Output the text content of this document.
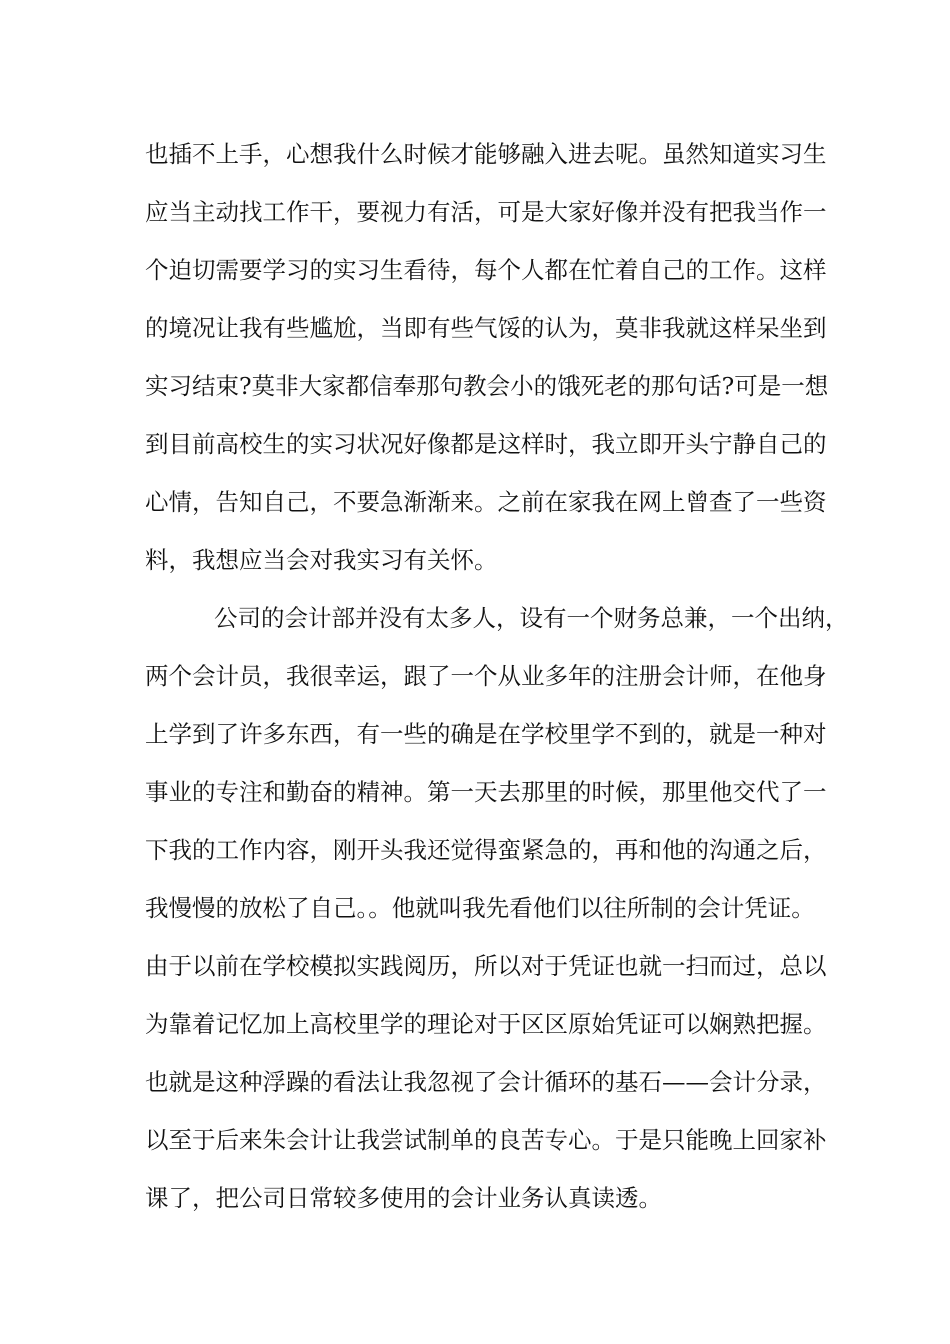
也插不上手，心想我什么时候才能够融入进去呢。虽然知道实习生
应当主动找工作干，要视力有活，可是大家好像并没有把我当作一
个迫切需要学习的实习生看待，每个人都在忙着自己的工作。这样
的境况让我有些尴尬，当即有些气馁的认为，莫非我就这样呆坐到
实习结束?莫非大家都信奉那句教会小的饿死老的那句话?可是一想
到目前高校生的实习状况好像都是这样时，我立即开头宁静自己的
心情，告知自己，不要急渐渐来。之前在家我在网上曾查了一些资
料，我想应当会对我实习有关怀。
公司的会计部并没有太多人，设有一个财务总兼，一个出纳，
两个会计员，我很幸运，跟了一个从业多年的注册会计师，在他身
上学到了许多东西，有一些的确是在学校里学不到的，就是一种对
事业的专注和勤奋的精神。第一天去那里的时候，那里他交代了一
下我的工作内容，刚开头我还觉得蛮紧急的，再和他的沟通之后，
我慢慢的放松了自己。。他就叫我先看他们以往所制的会计凭证。
由于以前在学校模拟实践阅历，所以对于凭证也就一扫而过，总以
为靠着记忆加上高校里学的理论对于区区原始凭证可以娴熟把握。
也就是这种浮躁的看法让我忽视了会计循环的基石——会计分录，
以至于后来朱会计让我尝试制单的良苦专心。于是只能晚上回家补
课了，把公司日常较多使用的会计业务认真读透。
